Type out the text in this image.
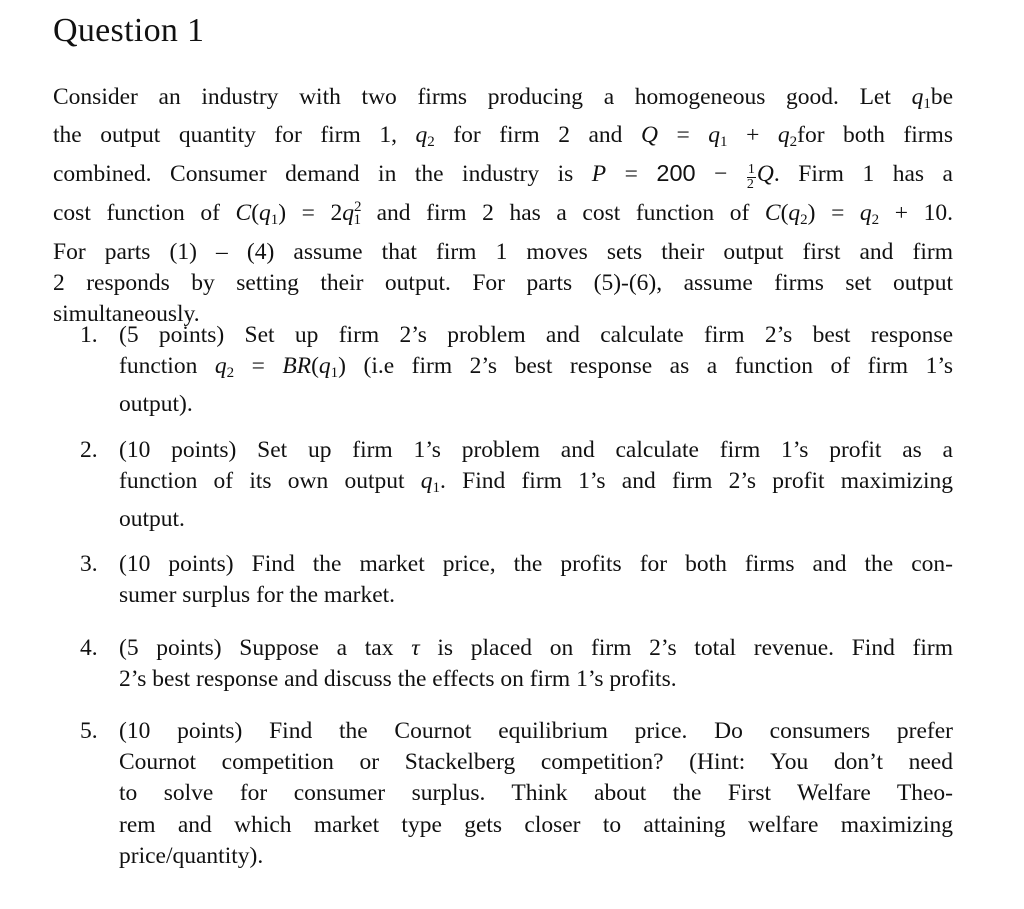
Question 1
Consider an industry with two firms producing a homogeneous good. Let $q_1be$
the output quantity for firm 1, $q_2$ for firm 2 and $Q = q_1 + q_2for$ both firms
combined. Consumer demand in the industry is $P = 200 - \frac{1}{2} Q$. Firm 1 has a
cost function of $C(q_1) = 2q^2_1$ and firm 2 has a cost function of $C(q_2) = q_2 + 10$.
For parts (1) – (4) assume that firm 1 moves sets their output first and firm
2 responds by setting their output. For parts (5)-(6), assume firms set output
simultaneously.
1. (5 points) Set up firm 2’s problem and calculate firm 2’s best response
function $q_2 = BR(q_1)$ (i.e firm 2’s best response as a function of firm 1’s
output).
2. (10 points) Set up firm 1’s problem and calculate firm 1’s profit as a
function of its own output $q_1$. Find firm 1’s and firm 2’s profit maximizing
output.
3. (10 points) Find the market price, the profits for both firms and the con-
sumer surplus for the market.
4. (5 points) Suppose a tax τ is placed on firm 2’s total revenue. Find firm
2’s best response and discuss the effects on firm 1’s profits.
5. (10 points) Find the Cournot equilibrium price. Do consumers prefer
Cournot competition or Stackelberg competition? (Hint: You don’t need
to solve for consumer surplus. Think about the First Welfare Theo-
rem and which market type gets closer to attaining welfare maximizing
price/quantity).
